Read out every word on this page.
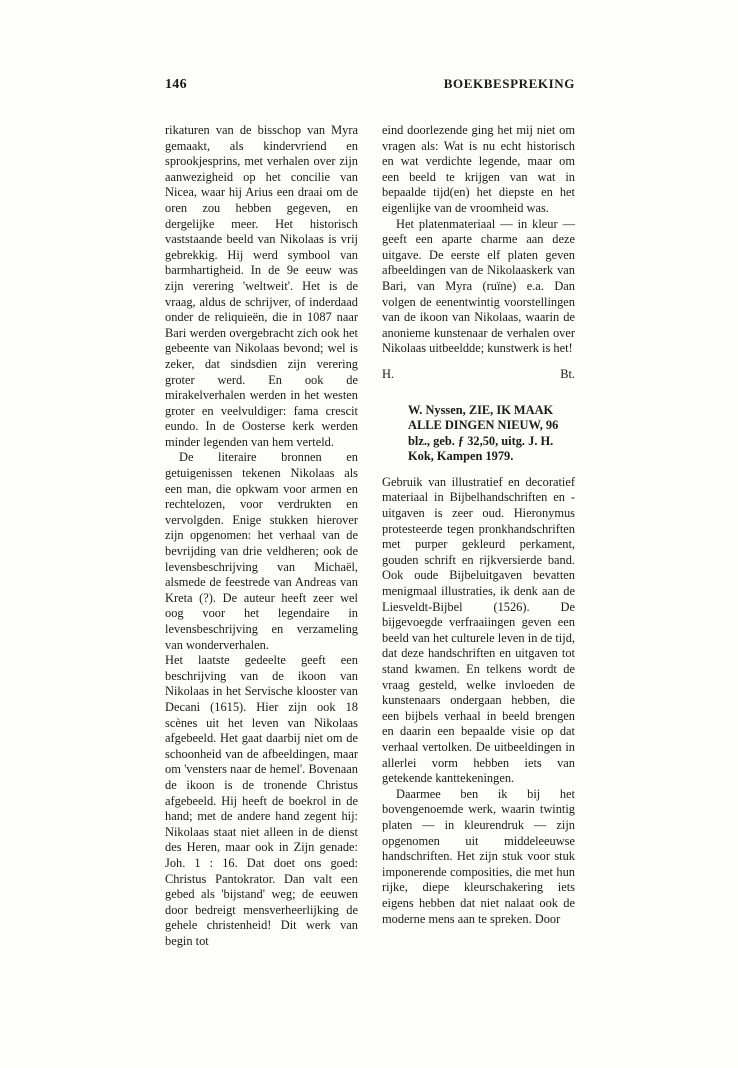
146	BOEKBESPREKING

rikaturen van de bisschop van Myra gemaakt, als kindervriend en sprookjesprins, met verhalen over zijn aanwezigheid op het concilie van Nicea, waar hij Arius een draai om de oren zou hebben gegeven, en dergelijke meer. Het historisch vaststaande beeld van Nikolaas is vrij gebrekkig. Hij werd symbool van barmhartigheid. In de 9e eeuw was zijn verering 'weltweit'. Het is de vraag, aldus de schrijver, of inderdaad onder de reliquieën, die in 1087 naar Bari werden overgebracht zich ook het gebeente van Nikolaas bevond; wel is zeker, dat sindsdien zijn verering groter werd. En ook de mirakelverhalen werden in het westen groter en veelvuldiger: fama crescit eundo. In de Oosterse kerk werden minder legenden van hem verteld.

De literaire bronnen en getuigenissen tekenen Nikolaas als een man, die opkwam voor armen en rechtelozen, voor verdrukten en vervolgden. Enige stukken hierover zijn opgenomen: het verhaal van de bevrijding van drie veldheren; ook de levensbeschrijving van Michaël, alsmede de feestrede van Andreas van Kreta (?). De auteur heeft zeer wel oog voor het legendaire in levensbeschrijving en verzameling van wonderverhalen.

Het laatste gedeelte geeft een beschrijving van de ikoon van Nikolaas in het Servische klooster van Decani (1615). Hier zijn ook 18 scènes uit het leven van Nikolaas afgebeeld. Het gaat daarbij niet om de schoonheid van de afbeeldingen, maar om 'vensters naar de hemel'. Bovenaan de ikoon is de tronende Christus afgebeeld. Hij heeft de boekrol in de hand; met de andere hand zegent hij: Nikolaas staat niet alleen in de dienst des Heren, maar ook in Zijn genade: Joh. 1 : 16. Dat doet ons goed: Christus Pantokrator. Dan valt een gebed als 'bijstand' weg; de eeuwen door bedreigt mensverheerlijking de gehele christenheid! Dit werk van begin tot

eind doorlezende ging het mij niet om vragen als: Wat is nu echt historisch en wat verdichte legende, maar om een beeld te krijgen van wat in bepaalde tijd(en) het diepste en het eigenlijke van de vroomheid was.

Het platenmateriaal — in kleur — geeft een aparte charme aan deze uitgave. De eerste elf platen geven afbeeldingen van de Nikolaaskerk van Bari, van Myra (ruïne) e.a. Dan volgen de eenentwintig voorstellingen van de ikoon van Nikolaas, waarin de anonieme kunstenaar de verhalen over Nikolaas uitbeeldde; kunstwerk is het!

H.	Bt.
W. Nyssen, ZIE, IK MAAK ALLE DINGEN NIEUW, 96 blz., geb. ƒ 32,50, uitg. J. H. Kok, Kampen 1979.

Gebruik van illustratief en decoratief materiaal in Bijbelhandschriften en -uitgaven is zeer oud. Hieronymus protesteerde tegen pronkhandschriften met purper gekleurd perkament, gouden schrift en rijkversierde band. Ook oude Bijbeluitgaven bevatten menigmaal illustraties, ik denk aan de Liesveldt-Bijbel (1526). De bijgevoegde verfraaiingen geven een beeld van het culturele leven in de tijd, dat deze handschriften en uitgaven tot stand kwamen. En telkens wordt de vraag gesteld, welke invloeden de kunstenaars ondergaan hebben, die een bijbels verhaal in beeld brengen en daarin een bepaalde visie op dat verhaal vertolken. De uitbeeldingen in allerlei vorm hebben iets van getekende kanttekeningen.

Daarmee ben ik bij het bovengenoemde werk, waarin twintig platen — in kleurendruk — zijn opgenomen uit middeleeuwse handschriften. Het zijn stuk voor stuk imponerende composities, die met hun rijke, diepe kleurschakering iets eigens hebben dat niet nalaat ook de moderne mens aan te spreken. Door
